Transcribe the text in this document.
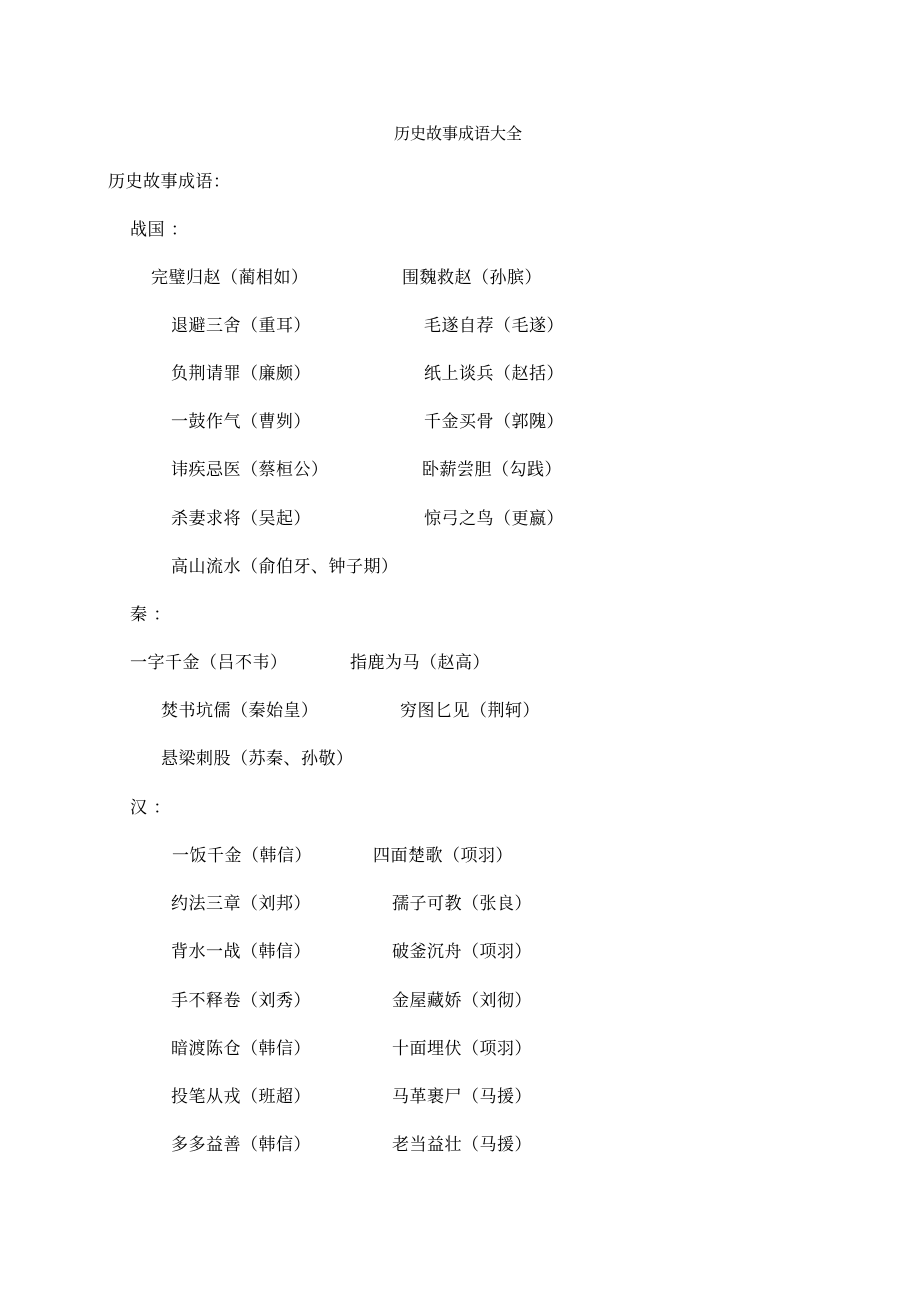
历史故事成语大全
历史故事成语：
战国 ：
完璧归赵（蔺相如）	围魏救赵（孙膑）
退避三舍（重耳）	毛遂自荐（毛遂）
负荆请罪（廉颇）	纸上谈兵（赵括）
一鼓作气（曹刿）	千金买骨（郭隗）
讳疾忌医（蔡桓公）	卧薪尝胆（勾践）
杀妻求将（吴起）	惊弓之鸟（更嬴）
高山流水（俞伯牙、钟子期）
秦 ：
一字千金（吕不韦）	指鹿为马（赵高）
焚书坑儒（秦始皇）	穷图匕见（荆轲）
悬梁刺股（苏秦、孙敬）
汉 ：
一饭千金（韩信）	四面楚歌（项羽）
约法三章（刘邦）	孺子可教（张良）
背水一战（韩信）	破釜沉舟（项羽）
手不释卷（刘秀）	金屋藏娇（刘彻）
暗渡陈仓（韩信）	十面埋伏（项羽）
投笔从戎（班超）	马革裹尸（马援）
多多益善（韩信）	老当益壮（马援）
